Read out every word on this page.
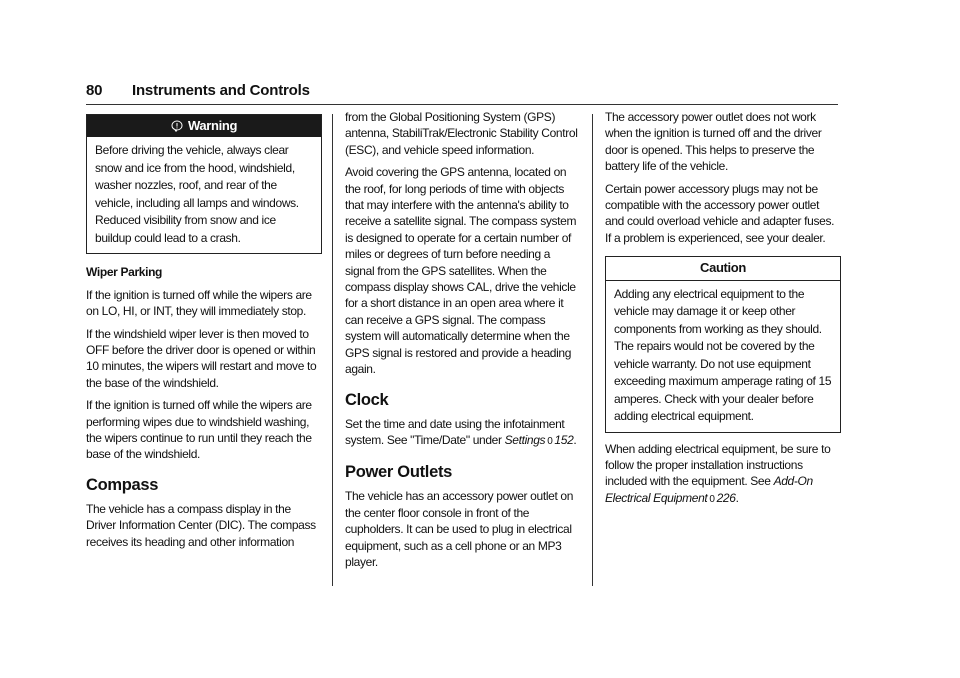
80 Instruments and Controls
Warning
Before driving the vehicle, always clear snow and ice from the hood, windshield, washer nozzles, roof, and rear of the vehicle, including all lamps and windows. Reduced visibility from snow and ice buildup could lead to a crash.

Wiper Parking

If the ignition is turned off while the wipers are on LO, HI, or INT, they will immediately stop.

If the windshield wiper lever is then moved to OFF before the driver door is opened or within 10 minutes, the wipers will restart and move to the base of the windshield.

If the ignition is turned off while the wipers are performing wipes due to windshield washing, the wipers continue to run until they reach the base of the windshield.

Compass

The vehicle has a compass display in the Driver Information Center (DIC). The compass receives its heading and other information

from the Global Positioning System (GPS) antenna, StabiliTrak/Electronic Stability Control (ESC), and vehicle speed information.

Avoid covering the GPS antenna, located on the roof, for long periods of time with objects that may interfere with the antenna's ability to receive a satellite signal. The compass system is designed to operate for a certain number of miles or degrees of turn before needing a signal from the GPS satellites. When the compass display shows CAL, drive the vehicle for a short distance in an open area where it can receive a GPS signal. The compass system will automatically determine when the GPS signal is restored and provide a heading again.

Clock

Set the time and date using the infotainment system. See "Time/Date" under Settings 0 152.

Power Outlets

The vehicle has an accessory power outlet on the center floor console in front of the cupholders. It can be used to plug in electrical equipment, such as a cell phone or an MP3 player.

The accessory power outlet does not work when the ignition is turned off and the driver door is opened. This helps to preserve the battery life of the vehicle.

Certain power accessory plugs may not be compatible with the accessory power outlet and could overload vehicle and adapter fuses. If a problem is experienced, see your dealer.

Caution
Adding any electrical equipment to the vehicle may damage it or keep other components from working as they should. The repairs would not be covered by the vehicle warranty. Do not use equipment exceeding maximum amperage rating of 15 amperes. Check with your dealer before adding electrical equipment.

When adding electrical equipment, be sure to follow the proper installation instructions included with the equipment. See Add-On Electrical Equipment 0 226.
